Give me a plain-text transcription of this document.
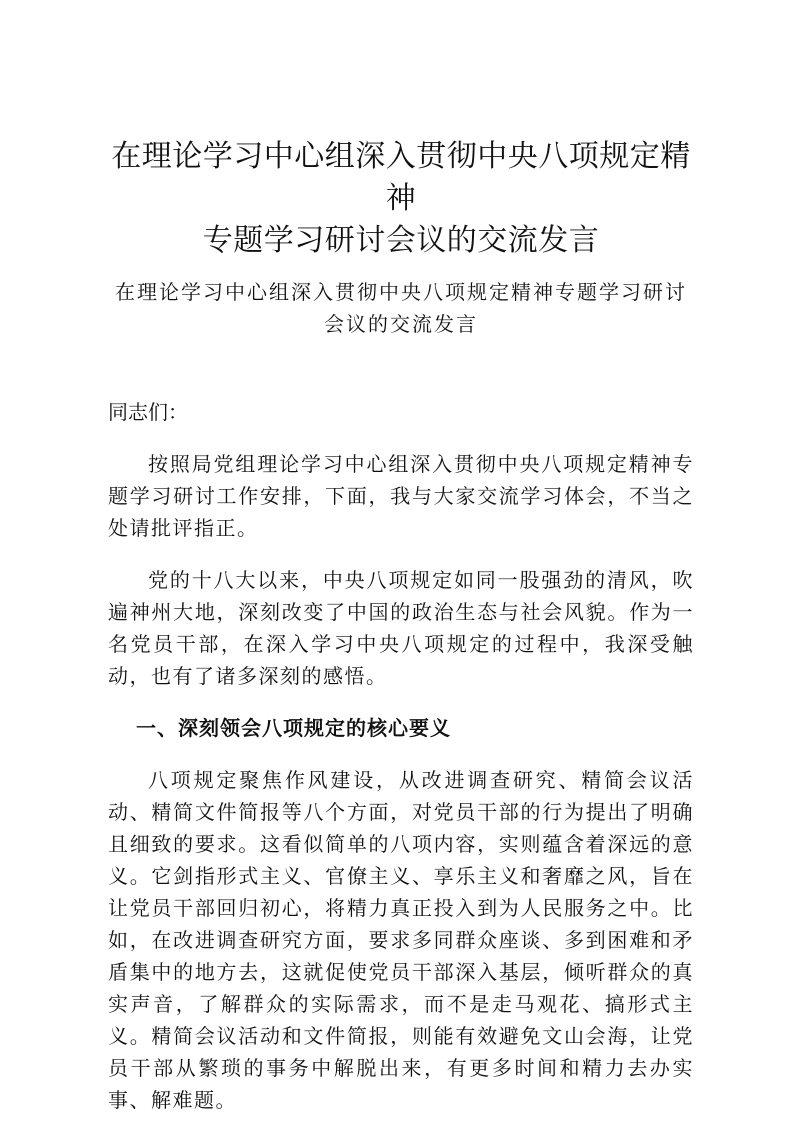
在理论学习中心组深入贯彻中央八项规定精神
专题学习研讨会议的交流发言

在理论学习中心组深入贯彻中央八项规定精神专题学习研讨会议的交流发言

同志们：

按照局党组理论学习中心组深入贯彻中央八项规定精神专题学习研讨工作安排，下面，我与大家交流学习体会，不当之处请批评指正。

党的十八大以来，中央八项规定如同一股强劲的清风，吹遍神州大地，深刻改变了中国的政治生态与社会风貌。作为一名党员干部，在深入学习中央八项规定的过程中，我深受触动，也有了诸多深刻的感悟。

一、深刻领会八项规定的核心要义

八项规定聚焦作风建设，从改进调查研究、精简会议活动、精简文件简报等八个方面，对党员干部的行为提出了明确且细致的要求。这看似简单的八项内容，实则蕴含着深远的意义。它剑指形式主义、官僚主义、享乐主义和奢靡之风，旨在让党员干部回归初心，将精力真正投入到为人民服务之中。比如，在改进调查研究方面，要求多同群众座谈、多到困难和矛盾集中的地方去，这就促使党员干部深入基层，倾听群众的真实声音，了解群众的实际需求，而不是走马观花、搞形式主义。精简会议活动和文件简报，则能有效避免文山会海，让党员干部从繁琐的事务中解脱出来，有更多时间和精力去办实事、解难题。
